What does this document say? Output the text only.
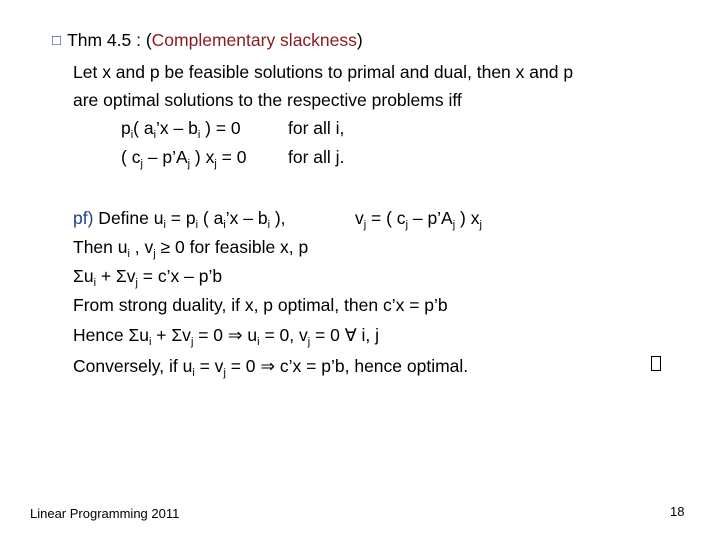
□ Thm 4.5 : (Complementary slackness)
Let x and p be feasible solutions to primal and dual, then x and p
are optimal solutions to the respective problems iff
$p_i$( $a_i’x - b_i$ ) = 0	for all i,
( $c_j$ – $p’A_j$ ) $x_j = 0$ for all j.
pf) Define $u_i = p_i$ ( $a_i’x - b_i$ ),	$v_j$ = ( $c_j$ – $p’A_j$ ) $x_j$
Then $u_i$ , $v_j \ge 0$ for feasible x, p
$\Sigma u_i + \Sigma v_j$ = c’x – p’b
From strong duality, if x, p optimal, then c’x = p’b
Hence $\Sigma u_i + \Sigma v_j = 0$ ⇒ $u_i = 0$, $v_j = 0$ ∀ i, j
Conversely, if $u_i = v_j = 0$ ⇒ c’x = p’b, hence optimal.
Linear Programming 2011	18
